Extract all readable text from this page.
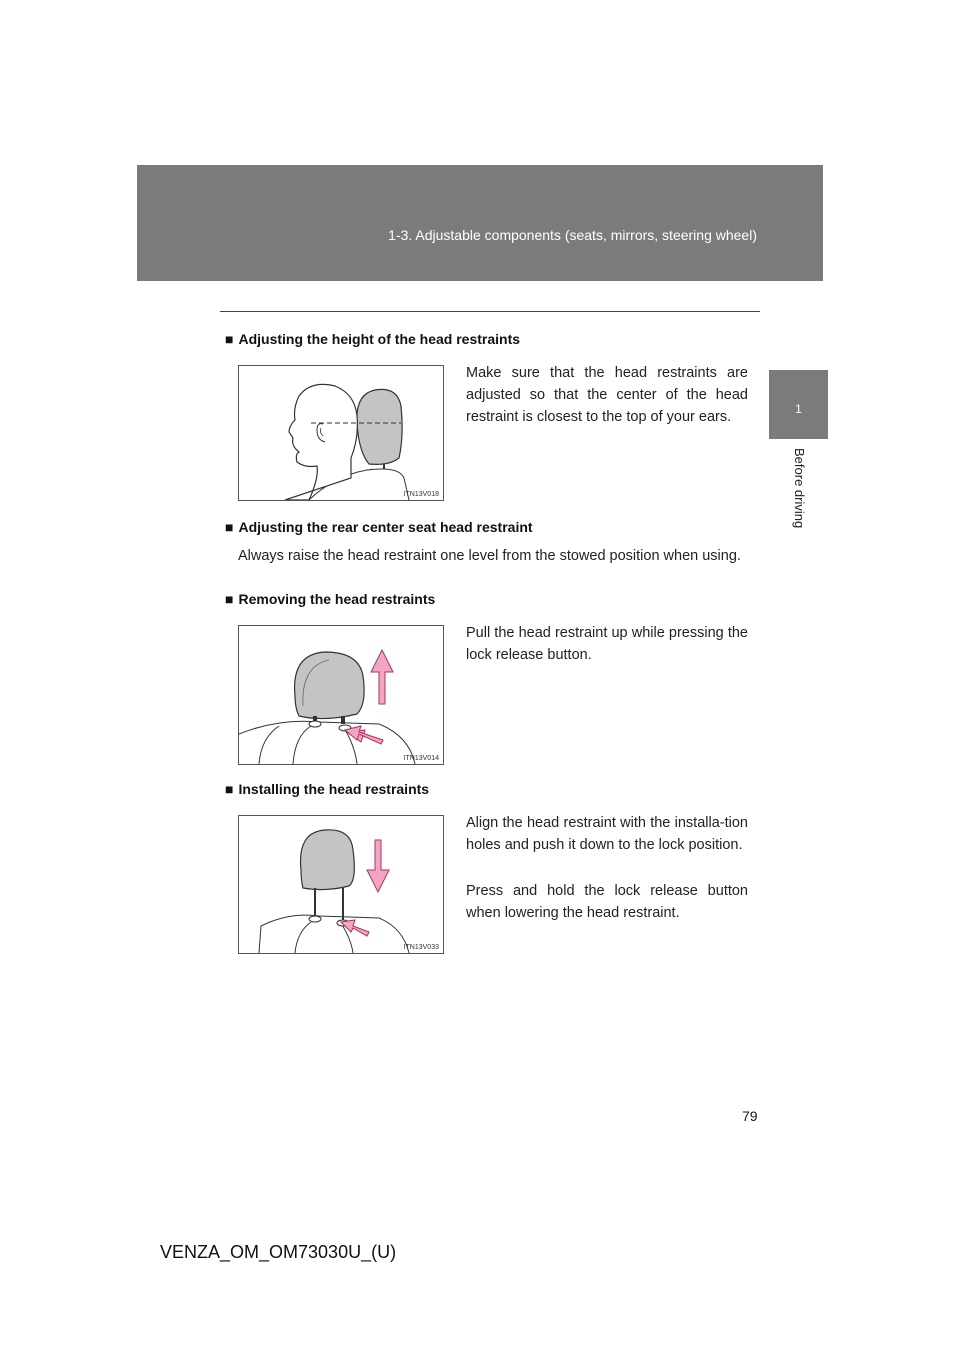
1-3. Adjustable components (seats, mirrors, steering wheel)
1
Before driving
■ Adjusting the height of the head restraints
Make sure that the head restraints are adjusted so that the center of the head restraint is closest to the top of your ears.
ITN13V018
■ Adjusting the rear center seat head restraint
Always raise the head restraint one level from the stowed position when using.
■ Removing the head restraints
Pull the head restraint up while pressing the lock release button.
ITN13V014
■ Installing the head restraints
Align the head restraint with the installa-tion holes and push it down to the lock position.
Press and hold the lock release button when lowering the head restraint.
ITN13V033
79
VENZA_OM_OM73030U_(U)
